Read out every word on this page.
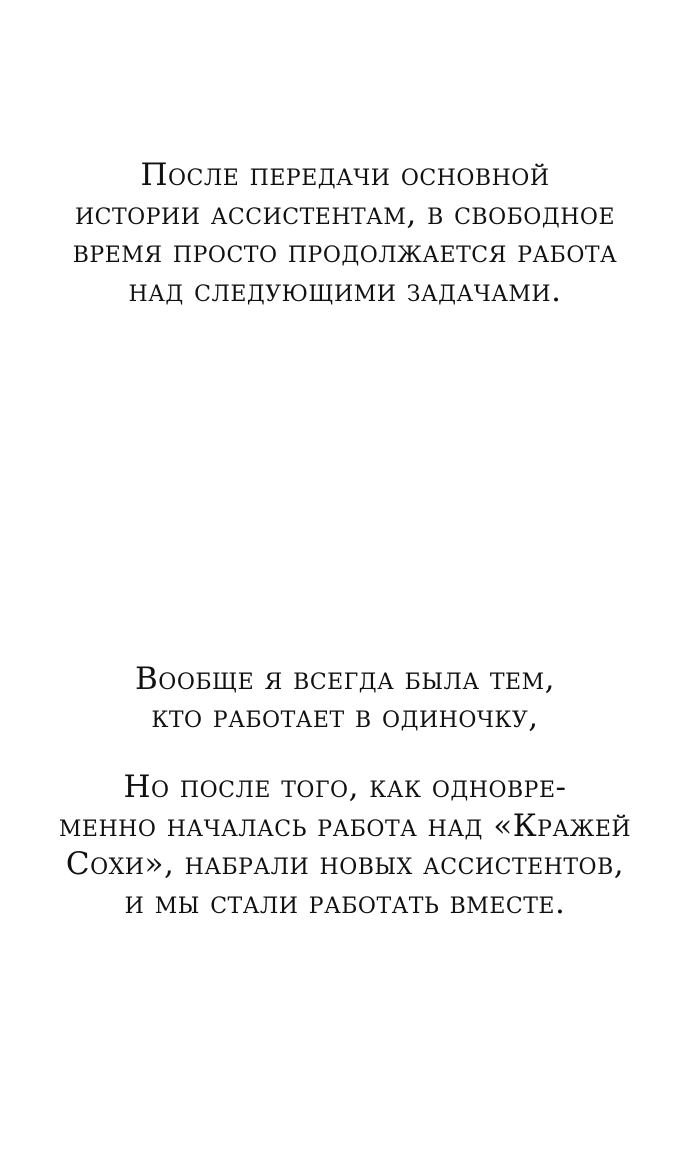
После передачи основной
истории ассистентам, в свободное
время просто продолжается работа
над следующими задачами.
Вообще я всегда была тем,
кто работает в одиночку,
Но после того, как одновре-
менно началась работа над «Кражей
Сохи», набрали новых ассистентов,
и мы стали работать вместе.
